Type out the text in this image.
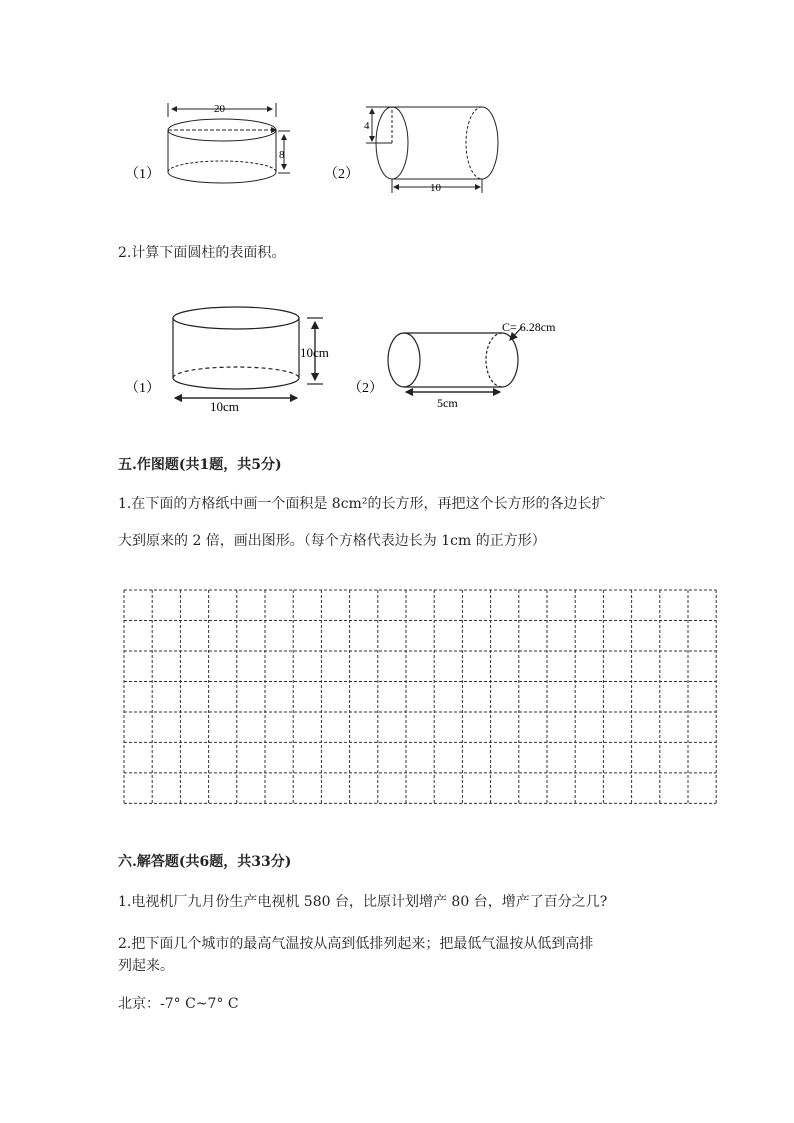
（1）
20
8
（2）
4
10
2.计算下面圆柱的表面积。
（1）
10cm
10cm
（2）
C= 6.28cm
5cm
五.作图题(共1题，共5分)
1.在下面的方格纸中画一个面积是 8cm²的长方形，再把这个长方形的各边长扩
大到原来的 2 倍，画出图形。（每个方格代表边长为 1cm 的正方形）
六.解答题(共6题，共33分)
1.电视机厂九月份生产电视机 580 台，比原计划增产 80 台，增产了百分之几?
2.把下面几个城市的最高气温按从高到低排列起来；把最低气温按从低到高排
列起来。
北京：-7° C~7° C
